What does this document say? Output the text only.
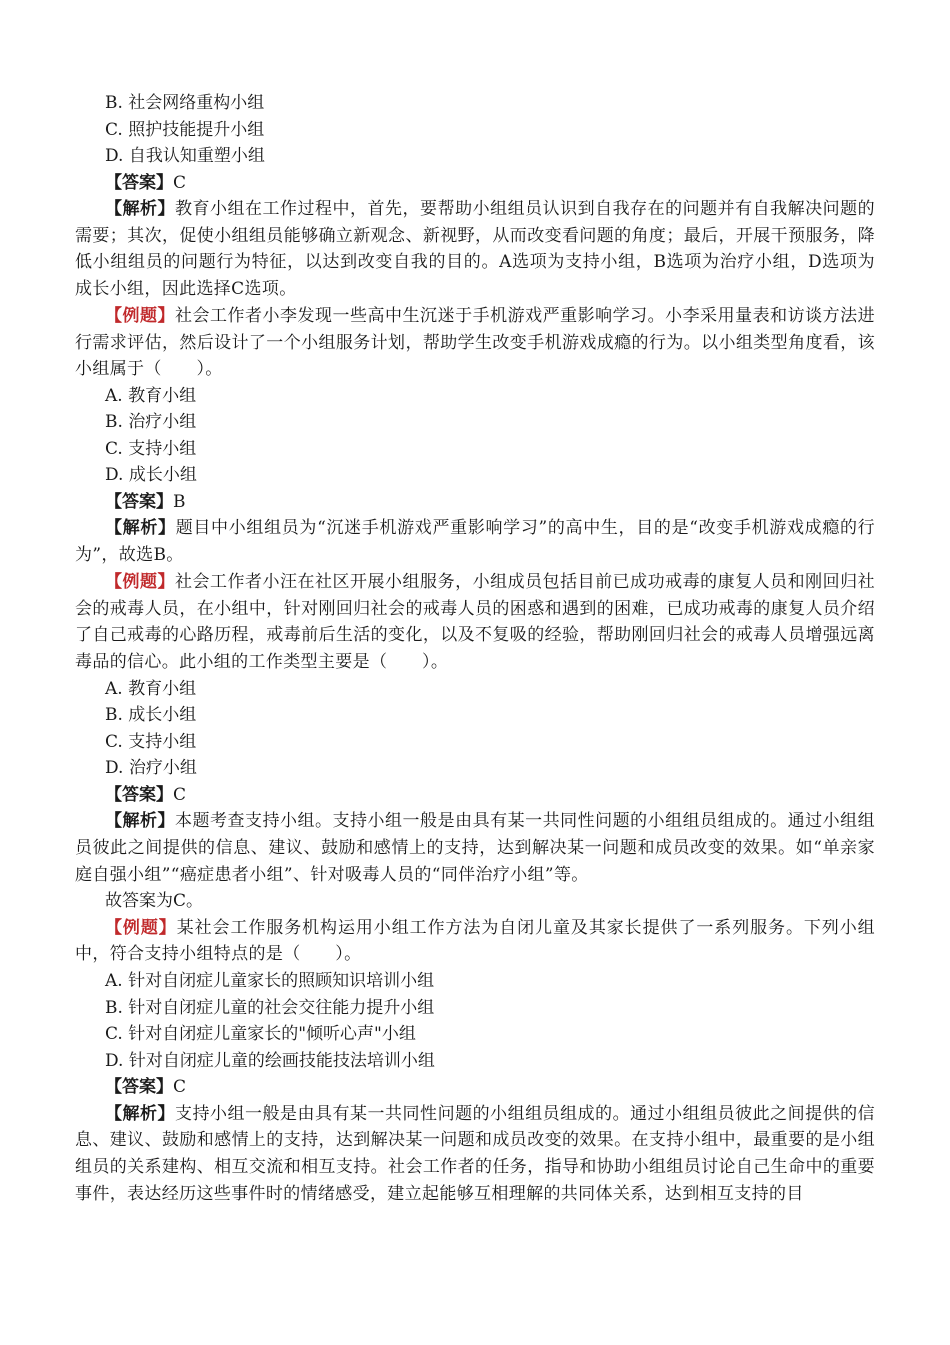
B. 社会网络重构小组
C. 照护技能提升小组
D. 自我认知重塑小组
【答案】C
【解析】教育小组在工作过程中，首先，要帮助小组组员认识到自我存在的问题并有自我解决问题的需要；其次，促使小组组员能够确立新观念、新视野，从而改变看问题的角度；最后，开展干预服务，降低小组组员的问题行为特征，以达到改变自我的目的。A选项为支持小组，B选项为治疗小组，D选项为成长小组，因此选择C选项。
【例题】社会工作者小李发现一些高中生沉迷于手机游戏严重影响学习。小李采用量表和访谈方法进行需求评估，然后设计了一个小组服务计划，帮助学生改变手机游戏成瘾的行为。以小组类型角度看，该小组属于（　　）。
A. 教育小组
B. 治疗小组
C. 支持小组
D. 成长小组
【答案】B
【解析】题目中小组组员为“沉迷手机游戏严重影响学习”的高中生，目的是“改变手机游戏成瘾的行为”，故选B。
【例题】社会工作者小汪在社区开展小组服务，小组成员包括目前已成功戒毒的康复人员和刚回归社会的戒毒人员，在小组中，针对刚回归社会的戒毒人员的困惑和遇到的困难，已成功戒毒的康复人员介绍了自己戒毒的心路历程，戒毒前后生活的变化，以及不复吸的经验，帮助刚回归社会的戒毒人员增强远离毒品的信心。此小组的工作类型主要是（　　）。
A. 教育小组
B. 成长小组
C. 支持小组
D. 治疗小组
【答案】C
【解析】本题考查支持小组。支持小组一般是由具有某一共同性问题的小组组员组成的。通过小组组员彼此之间提供的信息、建议、鼓励和感情上的支持，达到解决某一问题和成员改变的效果。如“单亲家庭自强小组”“癌症患者小组”、针对吸毒人员的“同伴治疗小组”等。
故答案为C。
【例题】某社会工作服务机构运用小组工作方法为自闭儿童及其家长提供了一系列服务。下列小组中，符合支持小组特点的是（　　）。
A. 针对自闭症儿童家长的照顾知识培训小组
B. 针对自闭症儿童的社会交往能力提升小组
C. 针对自闭症儿童家长的"倾听心声"小组
D. 针对自闭症儿童的绘画技能技法培训小组
【答案】C
【解析】支持小组一般是由具有某一共同性问题的小组组员组成的。通过小组组员彼此之间提供的信息、建议、鼓励和感情上的支持，达到解决某一问题和成员改变的效果。在支持小组中，最重要的是小组组员的关系建构、相互交流和相互支持。社会工作者的任务，指导和协助小组组员讨论自己生命中的重要事件，表达经历这些事件时的情绪感受，建立起能够互相理解的共同体关系，达到相互支持的目
